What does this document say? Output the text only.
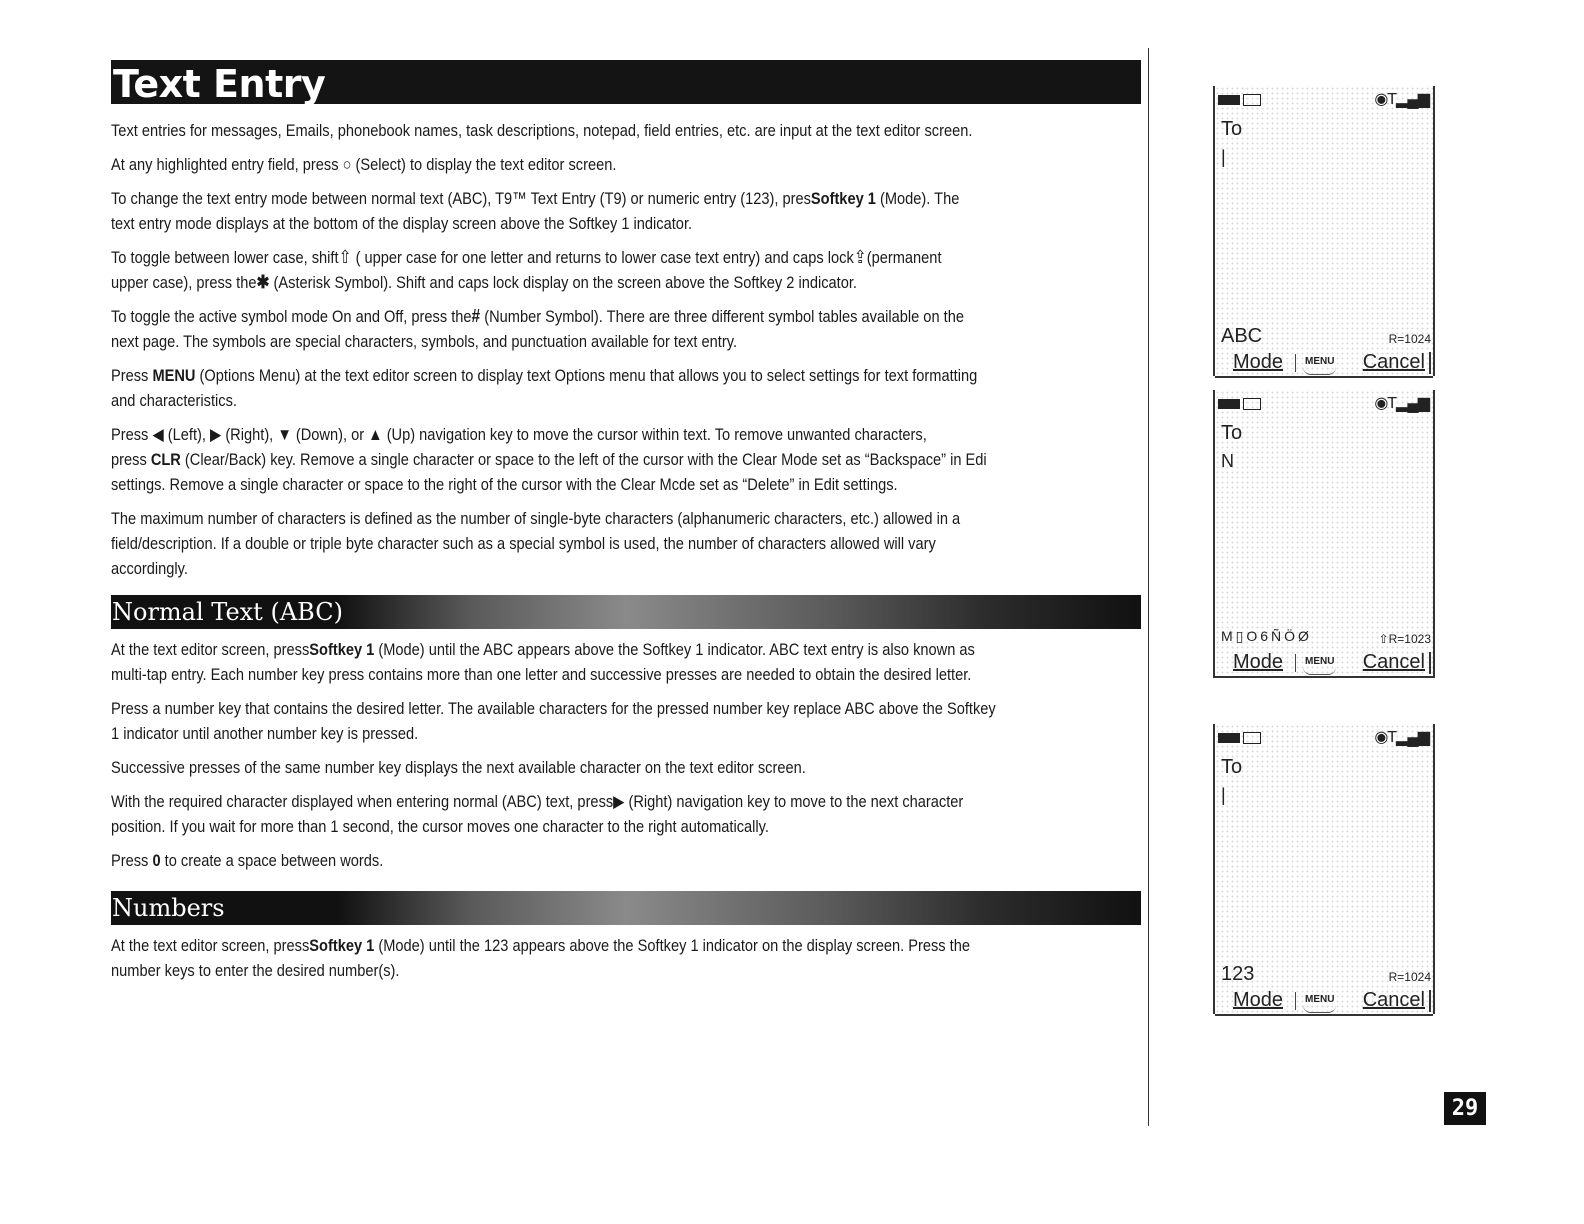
Text Entry

Text entries for messages, Emails, phonebook names, task descriptions, notepad, field entries, etc. are input at the text editor screen.

At any highlighted entry field, press ○ (Select) to display the text editor screen.

To change the text entry mode between normal text (ABC), T9™ Text Entry (T9) or numeric entry (123), presSoftkey 1 (Mode). The
text entry mode displays at the bottom of the display screen above the Softkey 1 indicator.

To toggle between lower case, shift⇧ ( upper case for one letter and returns to lower case text entry) and caps lock⇪(permanent
upper case), press the✱ (Asterisk Symbol). Shift and caps lock display on the screen above the Softkey 2 indicator.

To toggle the active symbol mode On and Off, press the# (Number Symbol). There are three different symbol tables available on the
next page. The symbols are special characters, symbols, and punctuation available for text entry.

Press MENU (Options Menu) at the text editor screen to display text Options menu that allows you to select settings for text formatting
and characteristics.

Press ◀ (Left), ▶ (Right), ▼ (Down), or ▲ (Up) navigation key to move the cursor within text. To remove unwanted characters,
press CLR (Clear/Back) key. Remove a single character or space to the left of the cursor with the Clear Mode set as “Backspace” in Edi
settings. Remove a single character or space to the right of the cursor with the Clear Mcde set as “Delete” in Edit settings.

The maximum number of characters is defined as the number of single-byte characters (alphanumeric characters, etc.) allowed in a
field/description. If a double or triple byte character such as a special symbol is used, the number of characters allowed will vary
accordingly.

Normal Text (ABC)

At the text editor screen, pressSoftkey 1 (Mode) until the ABC appears above the Softkey 1 indicator. ABC text entry is also known as
multi-tap entry. Each number key press contains more than one letter and successive presses are needed to obtain the desired letter.

Press a number key that contains the desired letter. The available characters for the pressed number key replace ABC above the Softkey
1 indicator until another number key is pressed.

Successive presses of the same number key displays the next available character on the text editor screen.

With the required character displayed when entering normal (ABC) text, press▶ (Right) navigation key to move to the next character
position. If you wait for more than 1 second, the cursor moves one character to the right automatically.

Press 0 to create a space between words.

Numbers

At the text editor screen, pressSoftkey 1 (Mode) until the 123 appears above the Softkey 1 indicator on the display screen. Press the
number keys to enter the desired number(s).

◉T▂▄▆
To
|
ABC	R=1024
Mode MENU Cancel
◉T▂▄▆
To
N
M▯O6ÑÖØ	⇧R=1023
Mode MENU Cancel
◉T▂▄▆
To
|
123	R=1024
Mode MENU Cancel
29
